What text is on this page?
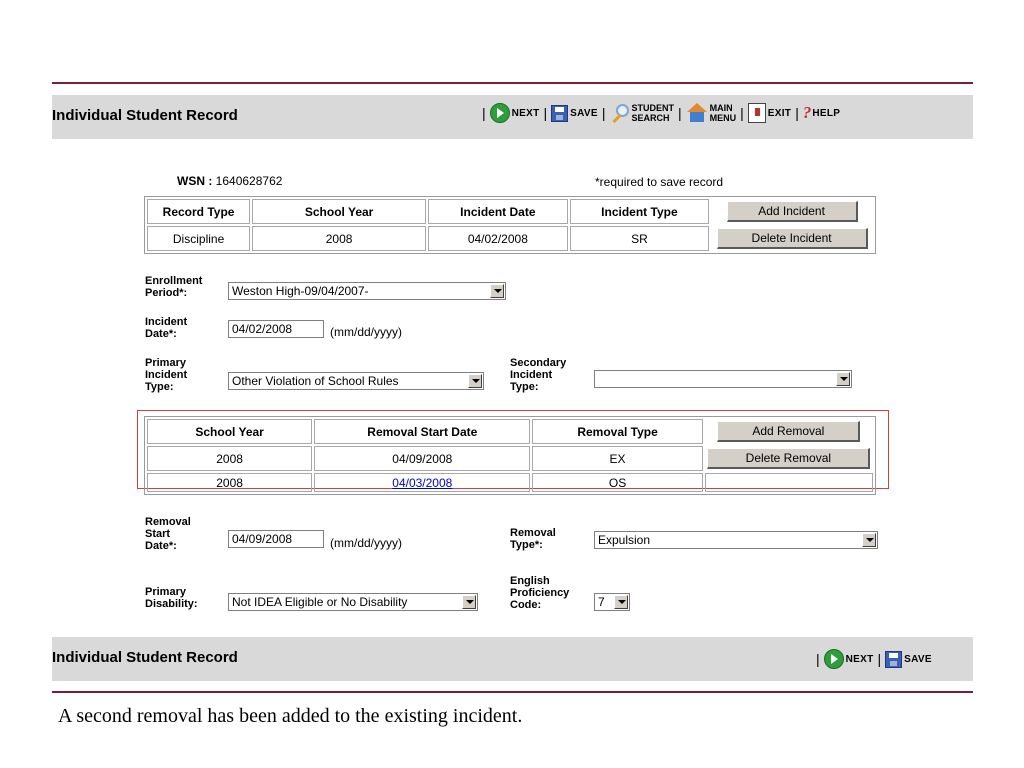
Individual Student Record	|	NEXT | SAVE |	STUDENT
SEARCH |	MAIN
MENU | EXIT | ? HELP
WSN : 1640628762	*required to save record
Record Type	School Year	Incident Date	Incident Type	Add Incident
Discipline	2008	04/02/2008	SR	Delete Incident
Enrollment
Period*:	Weston High-09/04/2007-
Incident
Date*:	04/02/2008	(mm/dd/yyyy)
Primary
Incident
Type:	Other Violation of School Rules
Secondary
Incident
Type:
School Year	Removal Start Date	Removal Type	Add Removal
2008	04/09/2008	EX	Delete Removal
2008	04/03/2008	OS	
Removal
Start
Date*:	04/09/2008	(mm/dd/yyyy)
Removal
Type*:	Expulsion
Primary
Disability:	Not IDEA Eligible or No Disability
English
Proficiency
Code:	7
Individual Student Record	|	NEXT | SAVE
A second removal has been added to the existing incident.
